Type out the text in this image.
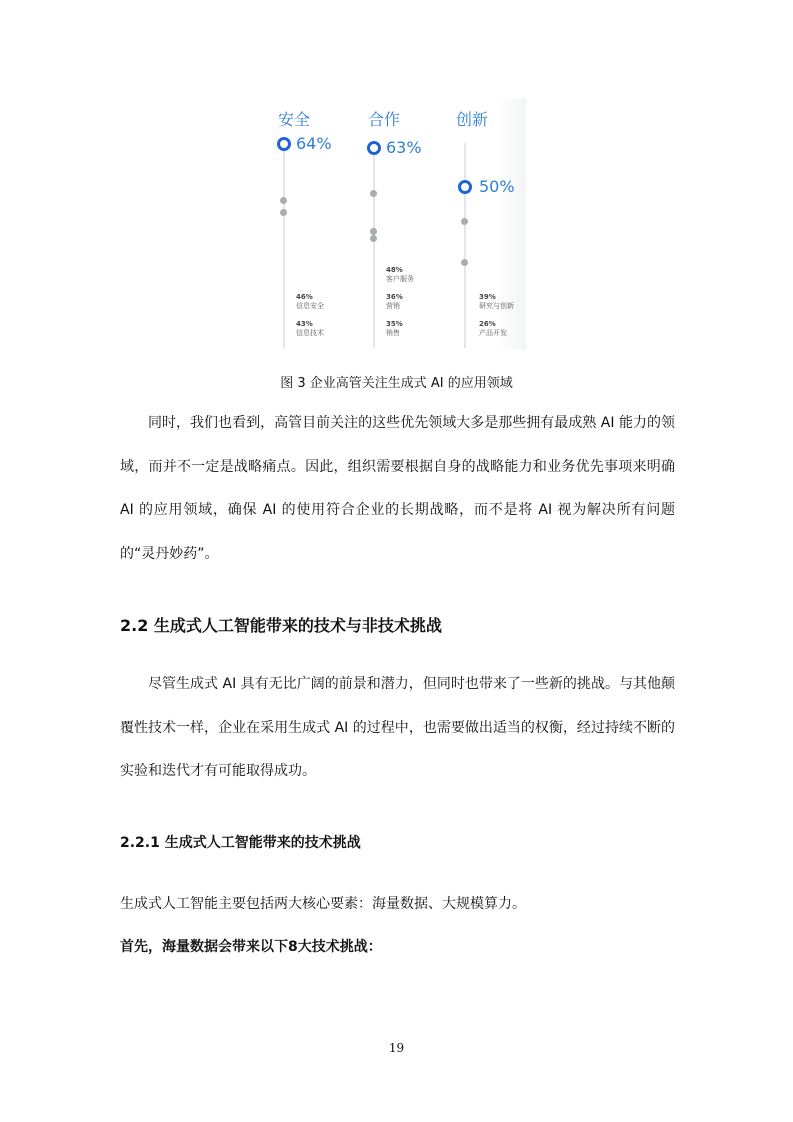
安全
64%
46%
信息安全
43%
信息技术
合作
63%
48%
客户服务
36%
营销
35%
销售
创新
50%
39%
研究与创新
26%
产品开发
图 3 企业高管关注生成式 AI 的应用领域
同时，我们也看到，高管目前关注的这些优先领域大多是那些拥有最成熟 AI 能力的领域，而并不一定是战略痛点。因此，组织需要根据自身的战略能力和业务优先事项来明确 AI 的应用领域，确保 AI 的使用符合企业的长期战略，而不是将 AI 视为解决所有问题的“灵丹妙药”。
2.2 生成式人工智能带来的技术与非技术挑战
尽管生成式 AI 具有无比广阔的前景和潜力，但同时也带来了一些新的挑战。与其他颠覆性技术一样，企业在采用生成式 AI 的过程中，也需要做出适当的权衡，经过持续不断的实验和迭代才有可能取得成功。
2.2.1 生成式人工智能带来的技术挑战
生成式人工智能主要包括两大核心要素：海量数据、大规模算力。
首先，海量数据会带来以下8大技术挑战：
19
